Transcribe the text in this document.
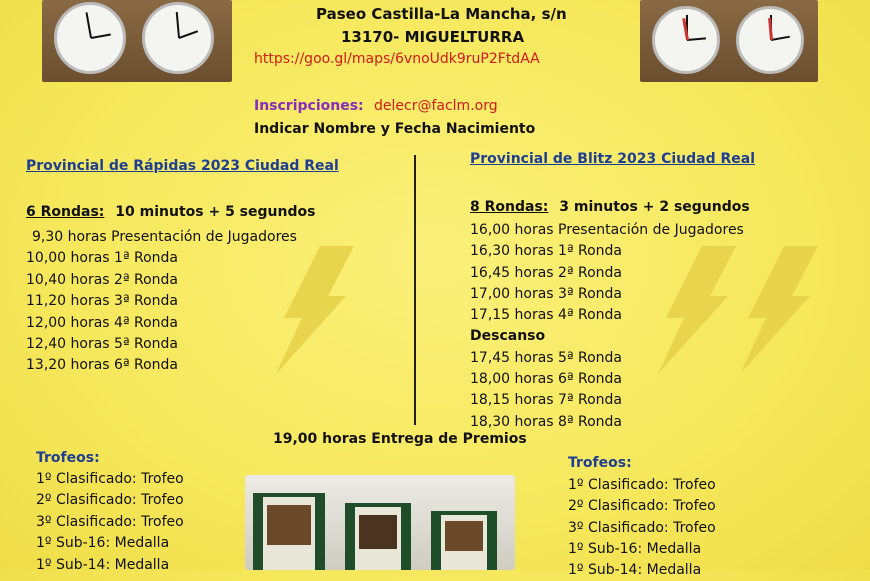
Paseo Castilla-La Mancha, s/n
13170- MIGUELTURRA
https://goo.gl/maps/6vnoUdk9ruP2FtdAA
Inscripciones: delecr@faclm.org
Indicar Nombre y Fecha Nacimiento
Provincial de Rápidas 2023 Ciudad Real
6 Rondas: 10 minutos + 5 segundos
9,30 horas Presentación de Jugadores
10,00 horas 1ª Ronda
10,40 horas 2ª Ronda
11,20 horas 3ª Ronda
12,00 horas 4ª Ronda
12,40 horas 5ª Ronda
13,20 horas 6ª Ronda
Provincial de Blitz 2023 Ciudad Real
8 Rondas: 3 minutos + 2 segundos
16,00 horas Presentación de Jugadores
16,30 horas 1ª Ronda
16,45 horas 2ª Ronda
17,00 horas 3ª Ronda
17,15 horas 4ª Ronda
Descanso
17,45 horas 5ª Ronda
18,00 horas 6ª Ronda
18,15 horas 7ª Ronda
18,30 horas 8ª Ronda
19,00 horas Entrega de Premios
Trofeos:
1º Clasificado: Trofeo
2º Clasificado: Trofeo
3º Clasificado: Trofeo
1º Sub-16: Medalla
1º Sub-14: Medalla
Trofeos:
1º Clasificado: Trofeo
2º Clasificado: Trofeo
3º Clasificado: Trofeo
1º Sub-16: Medalla
1º Sub-14: Medalla
